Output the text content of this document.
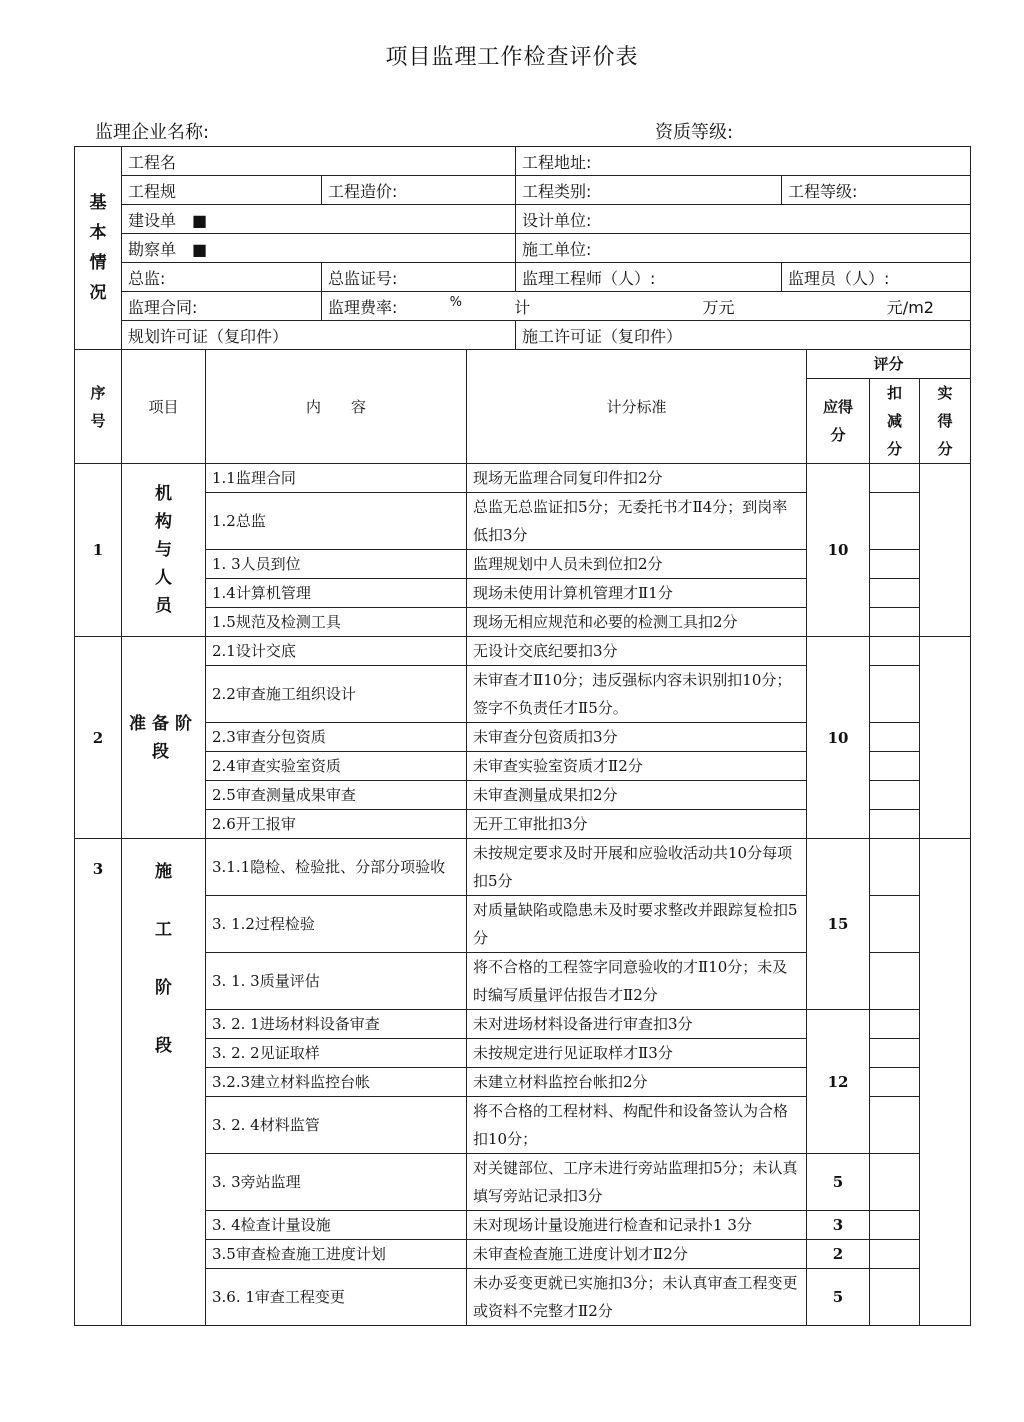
项目监理工作检查评价表
监理企业名称:	资质等级:
基本情况	工程名		工程地址:	
	工程规	工程造价:	工程类别:	工程等级:
	建设单　■		设计单位:	
	勘察单　■		施工单位:	
	总监:	总监证号:	监理工程师（人）:	监理员（人）:
	监理合同:	监理费率: % 计 万元 元/m2		

	规划许可证（复印件）		施工许可证（复印件）	
序号	项目	内　　容	计分标准	评分		
				应得分	扣减分	实得分
1	机构与人员	1.1监理合同	现场无监理合同复印件扣2分	10		
		1.2总监	总监无总监证扣5分；无委托书才Ⅱ4分；到岗率低扣3分			
		1. 3人员到位	监理规划中人员未到位扣2分			
		1.4计算机管理	现场未使用计算机管理才Ⅱ1分			
		1.5规范及检测工具	现场无相应规范和必要的检测工具扣2分			
2	准备阶段	2.1设计交底	无设计交底纪要扣3分	10		
		2.2审查施工组织设计	未审查才Ⅱ10分；违反强标内容未识别扣10分；签字不负责任才Ⅱ5分。			
		2.3审查分包资质	未审查分包资质扣3分			
		2.4审查实验室资质	未审查实验室资质才Ⅱ2分			
		2.5审查测量成果审查	未审查测量成果扣2分			
		2.6开工报审	无开工审批扣3分			
3	施工阶段	3.1.1隐检、检验批、分部分项验收	未按规定要求及时开展和应验收活动共10分每项扣5分	15		
		3. 1.2过程检验	对质量缺陷或隐患未及时要求整改并跟踪复检扣5分			
		3. 1. 3质量评估	将不合格的工程签字同意验收的才Ⅱ10分；未及时编写质量评估报告才Ⅱ2分			
		3. 2. 1进场材料设备审查	未对进场材料设备进行审查扣3分	12		
		3. 2. 2见证取样	未按规定进行见证取样才Ⅱ3分			
		3.2.3建立材料监控台帐	未建立材料监控台帐扣2分			
		3. 2. 4材料监管	将不合格的工程材料、构配件和设备签认为合格扣10分；			
		3. 3旁站监理	对关键部位、工序未进行旁站监理扣5分；未认真填写旁站记录扣3分	5		
		3. 4检查计量设施	未对现场计量设施进行检查和记录扑1 3分	3		
		3.5审查检查施工进度计划	未审查检查施工进度计划才Ⅱ2分	2		
		3.6. 1审查工程变更	未办妥变更就已实施扣3分；未认真审查工程变更或资料不完整才Ⅱ2分	5		
